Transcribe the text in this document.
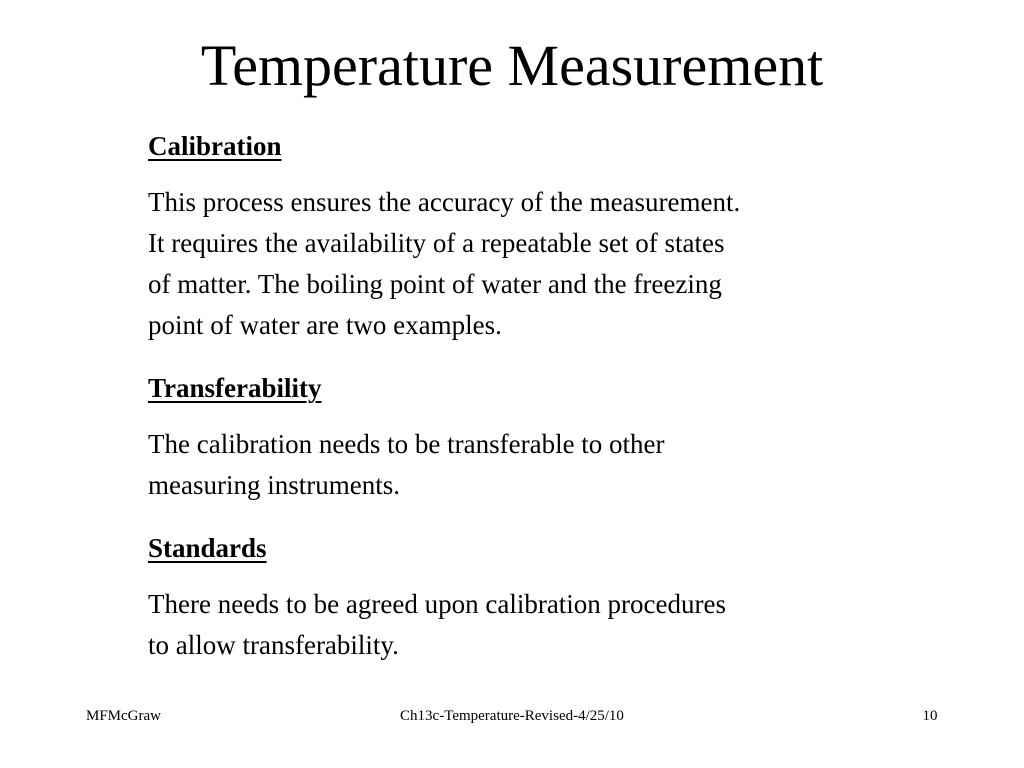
Temperature Measurement

Calibration

This process ensures the accuracy of the measurement.
It requires the availability of a repeatable set of states
of matter. The boiling point of water and the freezing
point of water are two examples.

Transferability

The calibration needs to be transferable to other
measuring instruments.

Standards

There needs to be agreed upon calibration procedures
to allow transferability.

Ch13c-Temperature-Revised-4/25/10
MFMcGraw	10
